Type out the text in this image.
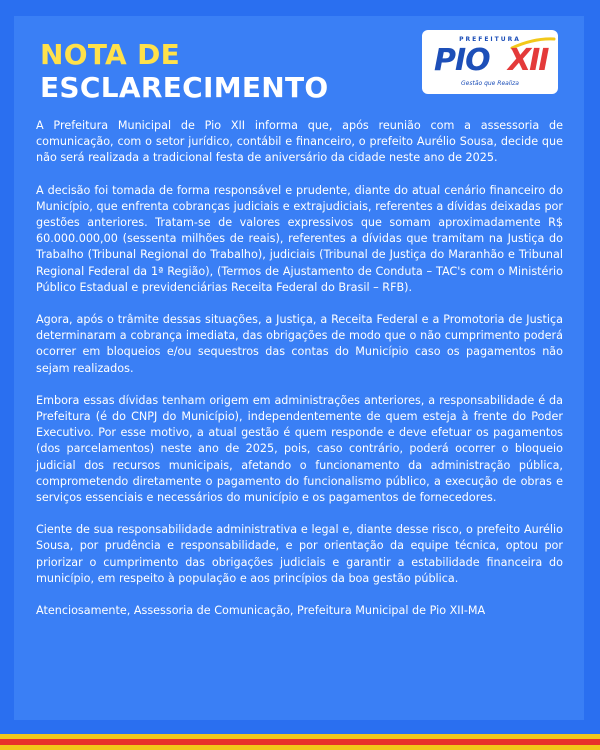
NOTA DE
ESCLARECIMENTO
PREFEITURA
PIO XII
Gestão que Realiza

A Prefeitura Municipal de Pio XII informa que, após reunião com a assessoria de comunicação, com o setor jurídico, contábil e financeiro, o prefeito Aurélio Sousa, decide que não será realizada a tradicional festa de aniversário da cidade neste ano de 2025.

A decisão foi tomada de forma responsável e prudente, diante do atual cenário financeiro do Município, que enfrenta cobranças judiciais e extrajudiciais, referentes a dívidas deixadas por gestões anteriores. Tratam-se de valores expressivos que somam aproximadamente R$ 60.000.000,00 (sessenta milhões de reais), referentes a dívidas que tramitam na Justiça do Trabalho (Tribunal Regional do Trabalho), judiciais (Tribunal de Justiça do Maranhão e Tribunal Regional Federal da 1ª Região), (Termos de Ajustamento de Conduta – TAC's com o Ministério Público Estadual e previdenciárias Receita Federal do Brasil – RFB).

Agora, após o trâmite dessas situações, a Justiça, a Receita Federal e a Promotoria de Justiça determinaram a cobrança imediata, das obrigações de modo que o não cumprimento poderá ocorrer em bloqueios e/ou sequestros das contas do Município caso os pagamentos não sejam realizados.

Embora essas dívidas tenham origem em administrações anteriores, a responsabilidade é da Prefeitura (é do CNPJ do Município), independentemente de quem esteja à frente do Poder Executivo. Por esse motivo, a atual gestão é quem responde e deve efetuar os pagamentos (dos parcelamentos) neste ano de 2025, pois, caso contrário, poderá ocorrer o bloqueio judicial dos recursos municipais, afetando o funcionamento da administração pública, comprometendo diretamente o pagamento do funcionalismo público, a execução de obras e serviços essenciais e necessários do município e os pagamentos de fornecedores.

Ciente de sua responsabilidade administrativa e legal e, diante desse risco, o prefeito Aurélio Sousa, por prudência e responsabilidade, e por orientação da equipe técnica, optou por priorizar o cumprimento das obrigações judiciais e garantir a estabilidade financeira do município, em respeito à população e aos princípios da boa gestão pública.

Atenciosamente, Assessoria de Comunicação, Prefeitura Municipal de Pio XII-MA
